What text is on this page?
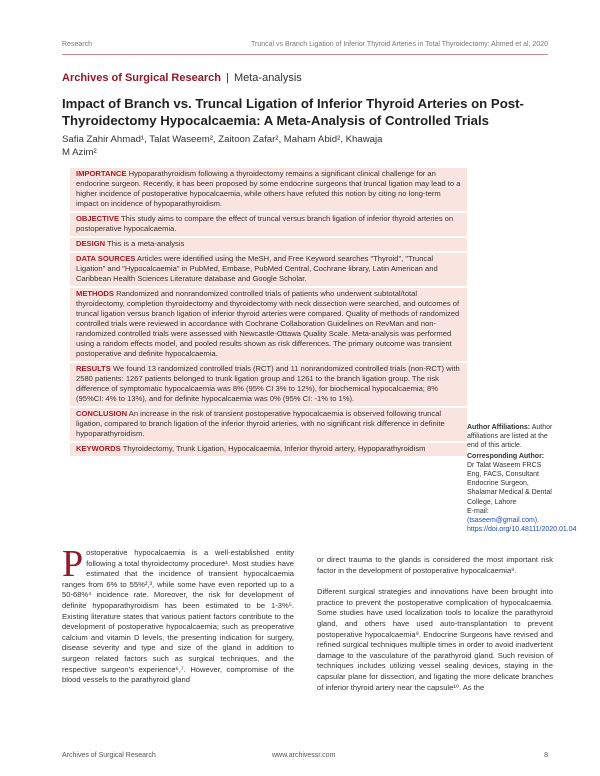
Research	Truncal vs Branch Ligation of Inferior Thyroid Arteries in Total Thyroidectomy: Ahmed et al, 2020
Archives of Surgical Research | Meta-analysis
Impact of Branch vs. Truncal Ligation of Inferior Thyroid Arteries on Post-Thyroidectomy Hypocalcaemia: A Meta-Analysis of Controlled Trials
Safia Zahir Ahmad¹, Talat Waseem², Zaitoon Zafar², Maham Abid², Khawaja M Azim²
IMPORTANCE Hypoparathyroidism following a thyroidectomy remains a significant clinical challenge for an endocrine surgeon. Recently, it has been proposed by some endocrine surgeons that truncal ligation may lead to a higher incidence of postoperative hypocalcaemia, while others have refuted this notion by citing no long-term impact on incidence of hypoparathyroidism.
OBJECTIVE This study aims to compare the effect of truncal versus branch ligation of inferior thyroid arteries on postoperative hypocalcaemia.
DESIGN This is a meta-analysis
DATA SOURCES Articles were identified using the MeSH, and Free Keyword searches "Thyroid", "Truncal Ligation" and "Hypocalcaemia" in PubMed, Embase, PubMed Central, Cochrane library, Latin American and Caribbean Health Sciences Literature database and Google Scholar.
METHODS Randomized and nonrandomized controlled trials of patients who underwent subtotal/total thyroidectomy, completion thyroidectomy and thyroidectomy with neck dissection were searched, and outcomes of truncal ligation versus branch ligation of inferior thyroid arteries were compared. Quality of methods of randomized controlled trials were reviewed in accordance with Cochrane Collaboration Guidelines on RevMan and non-randomized controlled trials were assessed with Newcastle-Ottawa Quality Scale. Meta-analysis was performed using a random effects model, and pooled results shown as risk differences. The primary outcome was transient postoperative and definite hypocalcaemia.
RESULTS We found 13 randomized controlled trials (RCT) and 11 nonrandomized controlled trials (non-RCT) with 2580 patients: 1267 patients belonged to trunk ligation group and 1261 to the branch ligation group. The risk difference of symptomatic hypocalcaemia was 8% (95% CI 3% to 12%), for biochemical hypocalcaemia; 8% (95%CI: 4% to 13%), and for definite hypocalcaemia was 0% (95% CI: -1% to 1%).
CONCLUSION An increase in the risk of transient postoperative hypocalcaemia is observed following truncal ligation, compared to branch ligation of the inferior thyroid arteries, with no significant risk difference in definite hypoparathyroidism.
KEYWORDS Thyroidectomy, Trunk Ligation, Hypocalcaemia, Inferior thyroid artery, Hypoparathyroidism
Author Affiliations: Author affiliations are listed at the end of this article.
Corresponding Author:
Dr Talat Waseem FRCS Eng, FACS, Consultant Endocrine Surgeon, Shalamar Medical & Dental College, Lahore
E-mail: (tsaseem@gmail.com).
https://doi.org/10.48111/2020.01.04
P ostoperative hypocalcaemia is a well-established entity following a total thyroidectomy procedure¹. Most studies have estimated that the incidence of transient hypocalcaemia ranges from 6% to 55%²,³, while some have even reported up to a 50-68%⁴ incidence rate. Moreover, the risk for development of definite hypoparathyroidism has been estimated to be 1-3%⁵. Existing literature states that various patient factors contribute to the development of postoperative hypocalcaemia; such as preoperative calcium and vitamin D levels, the presenting indication for surgery, disease severity and type and size of the gland in addition to surgeon related factors such as surgical techniques, and the respective surgeon's experience⁶,⁷. However, compromise of the blood vessels to the parathyroid gland
or direct trauma to the glands is considered the most important risk factor in the development of postoperative hypocalcaemia⁸.
Different surgical strategies and innovations have been brought into practice to prevent the postoperative complication of hypocalcaemia. Some studies have used localization tools to localize the parathyroid gland, and others have used auto-transplantation to prevent postoperative hypocalcaemia⁹. Endocrine Surgeons have revised and refined surgical techniques multiple times in order to avoid inadvertent damage to the vasculature of the parathyroid gland. Such revision of techniques includes utilizing vessel sealing devices, staying in the capsular plane for dissection, and ligating the more delicate branches of inferior thyroid artery near the capsule¹⁰. As the
Archives of Surgical Research	www.archivessr.com	8
